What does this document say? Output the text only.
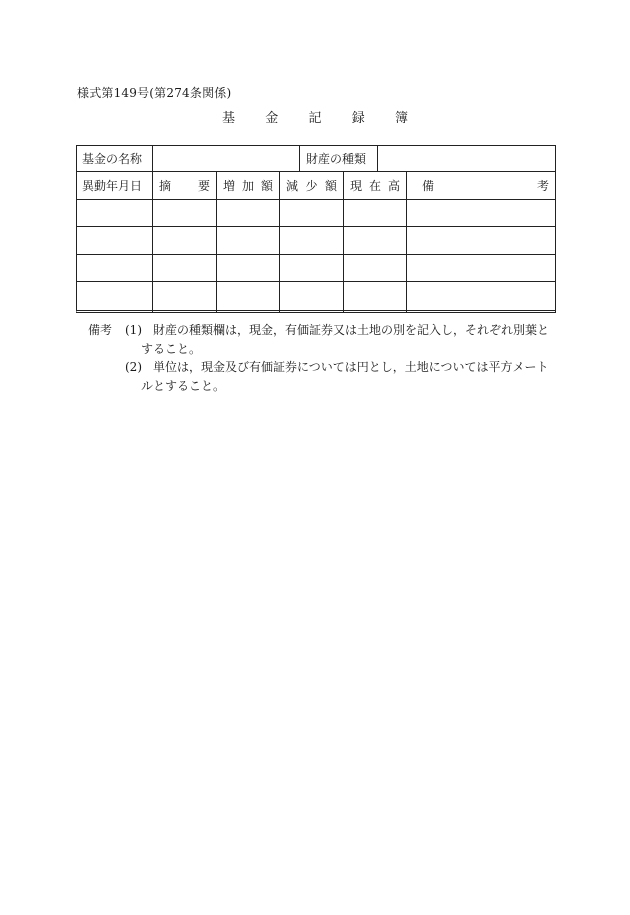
様式第149号(第274条関係)
基 金 記 録 簿
基金の名称	財産の種類
異動年月日 摘 要 増 加 額 減 少 額 現 在 高 備	考
備考 (1) 財産の種類欄は，現金，有価証券又は土地の別を記入し，それぞれ別葉と
すること。
(2) 単位は，現金及び有価証券については円とし，土地については平方メート
ルとすること。
